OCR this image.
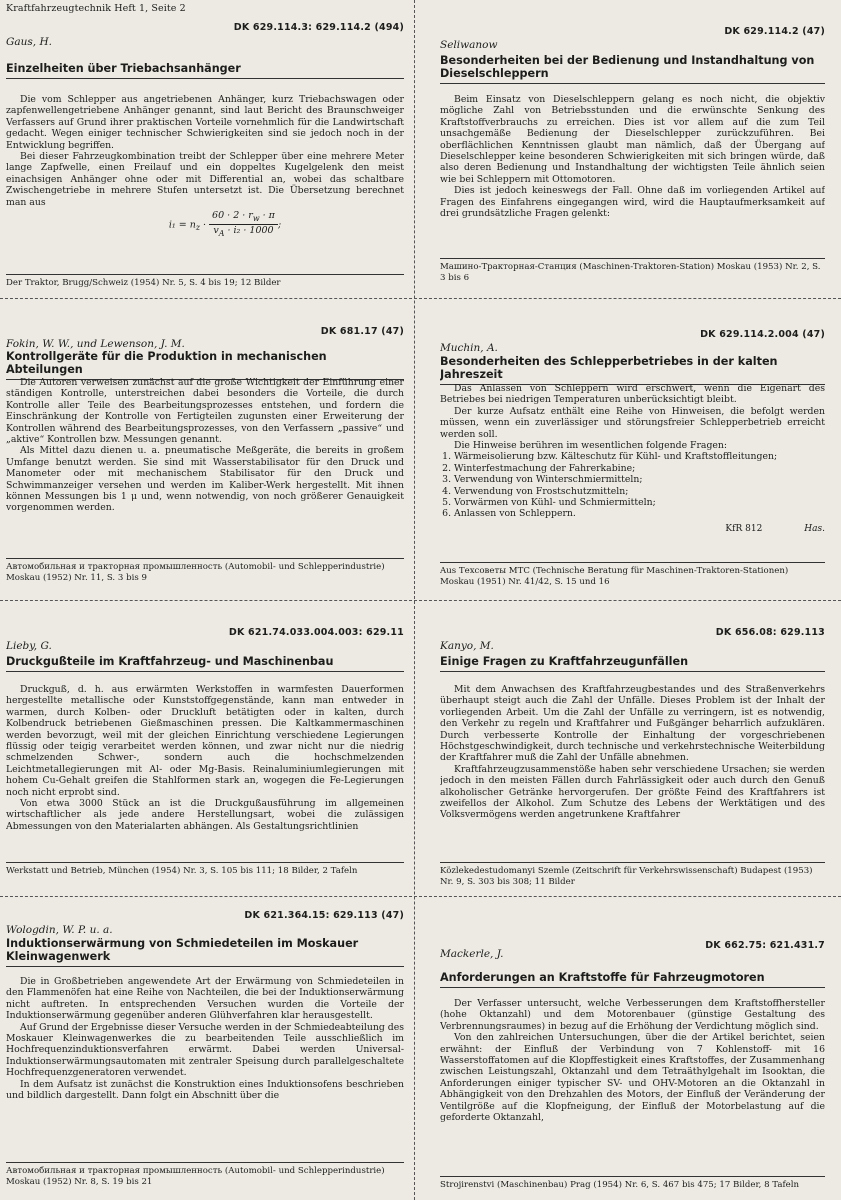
Kraftfahrzeugtechnik Heft 1, Seite 2
DK 629.114.3: 629.114.2 (494)
Gaus, H.
Einzelheiten über Triebachsanhänger

Die vom Schlepper aus angetriebenen Anhänger, kurz Triebachswagen oder zapfenwellengetriebene Anhänger genannt, sind laut Bericht des Braunschweiger Verfassers auf Grund ihrer praktischen Vorteile vornehmlich für die Landwirtschaft gedacht. Wegen einiger technischer Schwierigkeiten sind sie jedoch noch in der Entwicklung begriffen.

Bei dieser Fahrzeugkombination treibt der Schlepper über eine mehrere Meter lange Zapfwelle, einen Freilauf und ein doppeltes Kugelgelenk den meist einachsigen Anhänger ohne oder mit Differential an, wobei das schaltbare Zwischengetriebe in mehrere Stufen untersetzt ist. Die Übersetzung berechnet man aus

$i_1 = n_z \cdot \frac{60 \cdot 2 \cdot r_w \cdot \pi}{v_A \cdot i_2 \cdot 1000}$ ;
Der Traktor, Brugg/Schweiz (1954) Nr. 5, S. 4 bis 19; 12 Bilder
DK 629.114.2 (47)
Seliwanow
Besonderheiten bei der Bedienung und Instandhaltung von Dieselschleppern

Beim Einsatz von Dieselschleppern gelang es noch nicht, die objektiv mögliche Zahl von Betriebsstunden und die erwünschte Senkung des Kraftstoffverbrauchs zu erreichen. Dies ist vor allem auf die zum Teil unsachgemäße Bedienung der Dieselschlepper zurückzuführen. Bei oberflächlichen Kenntnissen glaubt man nämlich, daß der Übergang auf Dieselschlepper keine besonderen Schwierigkeiten mit sich bringen würde, daß also deren Bedienung und Instandhaltung der wichtigsten Teile ähnlich seien wie bei Schleppern mit Ottomotoren.

Dies ist jedoch keineswegs der Fall. Ohne daß im vorliegenden Artikel auf Fragen des Einfahrens eingegangen wird, wird die Hauptaufmerksamkeit auf drei grundsätzliche Fragen gelenkt:

Машино-Тракторная-Станция (Maschinen-Traktoren-Station) Moskau (1953) Nr. 2, S. 3 bis 6
DK 681.17 (47)
Fokin, W. W., und Lewenson, J. M.
Kontrollgeräte für die Produktion in mechanischen Abteilungen

Die Autoren verweisen zunächst auf die große Wichtigkeit der Einführung einer ständigen Kontrolle, unterstreichen dabei besonders die Vorteile, die durch Kontrolle aller Teile des Bearbeitungsprozesses entstehen, und fordern die Einschränkung der Kontrolle von Fertigteilen zugunsten einer Erweiterung der Kontrollen während des Bearbeitungsprozesses, von den Verfassern „passive“ und „aktive“ Kontrollen bzw. Messungen genannt.

Als Mittel dazu dienen u. a. pneumatische Meßgeräte, die bereits in großem Umfange benutzt werden. Sie sind mit Wasserstabilisator für den Druck und Manometer oder mit mechanischem Stabilisator für den Druck und Schwimmanzeiger versehen und werden im Kaliber-Werk hergestellt. Mit ihnen können Messungen bis 1 μ und, wenn notwendig, von noch größerer Genauigkeit vorgenommen werden.

Автомобильная и тракторная промышленность (Automobil- und Schlepperindustrie) Moskau (1952) Nr. 11, S. 3 bis 9
DK 629.114.2.004 (47)
Muchin, A.
Besonderheiten des Schlepperbetriebes in der kalten Jahreszeit

Das Anlassen von Schleppern wird erschwert, wenn die Eigenart des Betriebes bei niedrigen Temperaturen unberücksichtigt bleibt.

Der kurze Aufsatz enthält eine Reihe von Hinweisen, die befolgt werden müssen, wenn ein zuverlässiger und störungsfreier Schlepperbetrieb erreicht werden soll.

Die Hinweise berühren im wesentlichen folgende Fragen:

1. Wärmeisolierung bzw. Kälteschutz für Kühl- und Kraftstoffleitungen;
2. Winterfestmachung der Fahrerkabine;
3. Verwendung von Winterschmiermitteln;
4. Verwendung von Frostschutzmitteln;
5. Vorwärmen von Kühl- und Schmiermitteln;
6. Anlassen von Schleppern.
KfR 812	Has.
Aus Техсоветы МТС (Technische Beratung für Maschinen-Traktoren-Stationen) Moskau (1951) Nr. 41/42, S. 15 und 16
DK 621.74.033.004.003: 629.11
Lieby, G.
Druckgußteile im Kraftfahrzeug- und Maschinenbau

Druckguß, d. h. aus erwärmten Werkstoffen in warmfesten Dauerformen hergestellte metallische oder Kunststoffgegenstände, kann man entweder in warmen, durch Kolben- oder Druckluft betätigten oder in kalten, durch Kolbendruck betriebenen Gießmaschinen pressen. Die Kaltkammermaschinen werden bevorzugt, weil mit der gleichen Einrichtung verschiedene Legierungen flüssig oder teigig verarbeitet werden können, und zwar nicht nur die niedrig schmelzenden Schwer-, sondern auch die hochschmelzenden Leichtmetallegierungen mit Al- oder Mg-Basis. Reinaluminiumlegierungen mit hohem Cu-Gehalt greifen die Stahlformen stark an, wogegen die Fe-Legierungen noch nicht erprobt sind.

Von etwa 3000 Stück an ist die Druckgußausführung im allgemeinen wirtschaftlicher als jede andere Herstellungsart, wobei die zulässigen Abmessungen von den Materialarten abhängen. Als Gestaltungsrichtlinien

Werkstatt und Betrieb, München (1954) Nr. 3, S. 105 bis 111; 18 Bilder, 2 Tafeln
DK 656.08: 629.113
Kanyo, M.
Einige Fragen zu Kraftfahrzeugunfällen

Mit dem Anwachsen des Kraftfahrzeugbestandes und des Straßenverkehrs überhaupt steigt auch die Zahl der Unfälle. Dieses Problem ist der Inhalt der vorliegenden Arbeit. Um die Zahl der Unfälle zu verringern, ist es notwendig, den Verkehr zu regeln und Kraftfahrer und Fußgänger beharrlich aufzuklären. Durch verbesserte Kontrolle der Einhaltung der vorgeschriebenen Höchstgeschwindigkeit, durch technische und verkehrstechnische Weiterbildung der Kraftfahrer muß die Zahl der Unfälle abnehmen.

Kraftfahrzeugzusammenstöße haben sehr verschiedene Ursachen; sie werden jedoch in den meisten Fällen durch Fahrlässigkeit oder auch durch den Genuß alkoholischer Getränke hervorgerufen. Der größte Feind des Kraftfahrers ist zweifellos der Alkohol. Zum Schutze des Lebens der Werktätigen und des Volksvermögens werden angetrunkene Kraftfahrer

Közlekedestudomanyi Szemle (Zeitschrift für Verkehrswissenschaft) Budapest (1953) Nr. 9, S. 303 bis 308; 11 Bilder
DK 621.364.15: 629.113 (47)
Wologdin, W. P. u. a.
Induktionserwärmung von Schmiedeteilen im Moskauer Kleinwagenwerk

Die in Großbetrieben angewendete Art der Erwärmung von Schmiedeteilen in den Flammenöfen hat eine Reihe von Nachteilen, die bei der Induktionserwärmung nicht auftreten. In entsprechenden Versuchen wurden die Vorteile der Induktionserwärmung gegenüber anderen Glühverfahren klar herausgestellt.

Auf Grund der Ergebnisse dieser Versuche werden in der Schmiedeabteilung des Moskauer Kleinwagenwerkes die zu bearbeitenden Teile ausschließlich im Hochfrequenzinduktionsverfahren erwärmt. Dabei werden Universal-Induktionserwärmungsautomaten mit zentraler Speisung durch parallelgeschaltete Hochfrequenzgeneratoren verwendet.

In dem Aufsatz ist zunächst die Konstruktion eines Induktionsofens beschrieben und bildlich dargestellt. Dann folgt ein Abschnitt über die

Автомобильная и тракторная промышленность (Automobil- und Schlepperindustrie) Moskau (1952) Nr. 8, S. 19 bis 21
DK 662.75: 621.431.7
Mackerle, J.
Anforderungen an Kraftstoffe für Fahrzeugmotoren

Der Verfasser untersucht, welche Verbesserungen dem Kraftstoffhersteller (hohe Oktanzahl) und dem Motorenbauer (günstige Gestaltung des Verbrennungsraumes) in bezug auf die Erhöhung der Verdichtung möglich sind.

Von den zahlreichen Untersuchungen, über die der Artikel berichtet, seien erwähnt: der Einfluß der Verbindung von 7 Kohlenstoff- mit 16 Wasserstoffatomen auf die Klopffestigkeit eines Kraftstoffes, der Zusammenhang zwischen Leistungszahl, Oktanzahl und dem Tetraäthylgehalt im Isooktan, die Anforderungen einiger typischer SV- und OHV-Motoren an die Oktanzahl in Abhängigkeit von den Drehzahlen des Motors, der Einfluß der Veränderung der Ventilgröße auf die Klopfneigung, der Einfluß der Motorbelastung auf die geforderte Oktanzahl,

Strojirenstvi (Maschinenbau) Prag (1954) Nr. 6, S. 467 bis 475; 17 Bilder, 8 Tafeln
